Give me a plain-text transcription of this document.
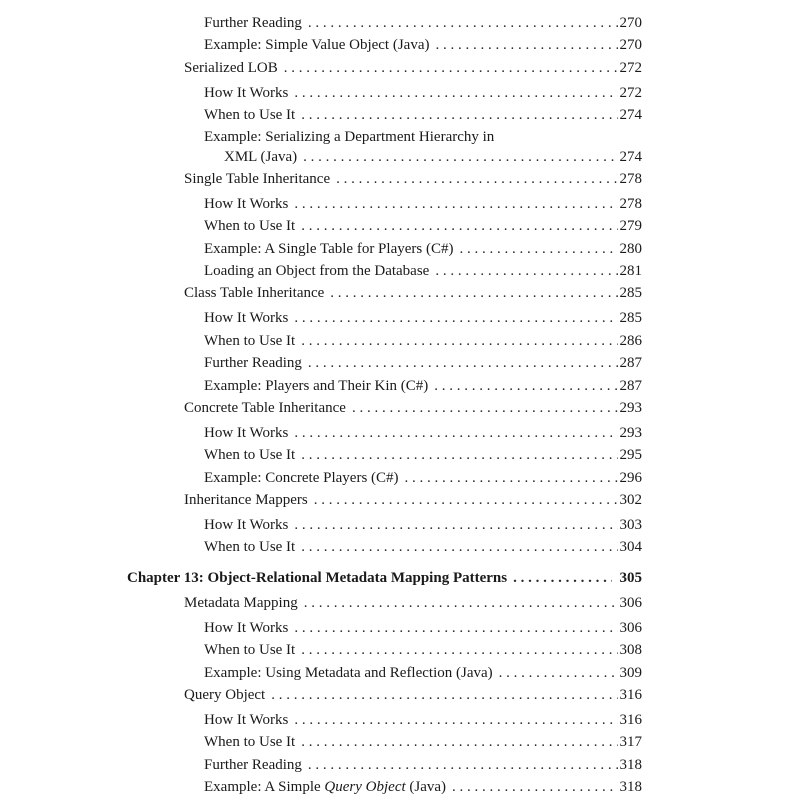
Further Reading . . .	270
Example: Simple Value Object (Java) . . .	270
Serialized LOB . . .	272
How It Works . . .	272
When to Use It . . .	274
Example: Serializing a Department Hierarchy in
XML (Java) . . .	274
Single Table Inheritance . . .	278
How It Works . . .	278
When to Use It . . .	279
Example: A Single Table for Players (C#) . . .	280
Loading an Object from the Database . . .	281
Class Table Inheritance . . .	285
How It Works . . .	285
When to Use It . . .	286
Further Reading . . .	287
Example: Players and Their Kin (C#) . . .	287
Concrete Table Inheritance . . .	293
How It Works . . .	293
When to Use It . . .	295
Example: Concrete Players (C#) . . .	296
Inheritance Mappers . . .	302
How It Works . . .	303
When to Use It . . .	304
Chapter 13: Object-Relational Metadata Mapping Patterns . . .	305
Metadata Mapping . . .	306
How It Works . . .	306
When to Use It . . .	308
Example: Using Metadata and Reflection (Java) . . .	309
Query Object . . .	316
How It Works . . .	316
When to Use It . . .	317
Further Reading . . .	318
Example: A Simple Query Object (Java) . . .	318
